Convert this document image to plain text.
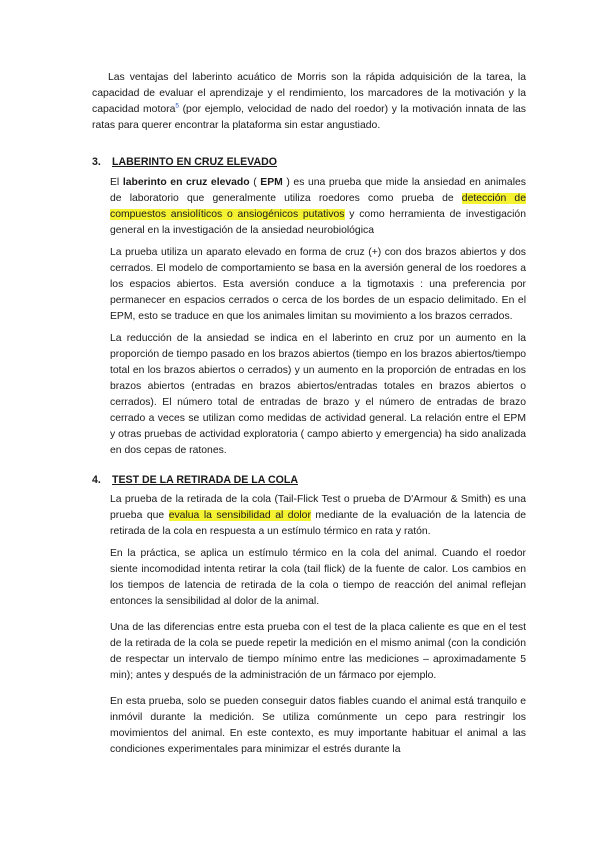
Las ventajas del laberinto acuático de Morris son la rápida adquisición de la tarea, la capacidad de evaluar el aprendizaje y el rendimiento, los marcadores de la motivación y la capacidad motora$^5$ (por ejemplo, velocidad de nado del roedor) y la motivación innata de las ratas para querer encontrar la plataforma sin estar angustiado.

3. LABERINTO EN CRUZ ELEVADO

El laberinto en cruz elevado ( EPM ) es una prueba que mide la ansiedad en animales de laboratorio que generalmente utiliza roedores como prueba de detección de compuestos ansiolíticos o ansiogénicos putativos y como herramienta de investigación general en la investigación de la ansiedad neurobiológica

La prueba utiliza un aparato elevado en forma de cruz (+) con dos brazos abiertos y dos cerrados. El modelo de comportamiento se basa en la aversión general de los roedores a los espacios abiertos. Esta aversión conduce a la tigmotaxis : una preferencia por permanecer en espacios cerrados o cerca de los bordes de un espacio delimitado. En el EPM, esto se traduce en que los animales limitan su movimiento a los brazos cerrados.

La reducción de la ansiedad se indica en el laberinto en cruz por un aumento en la proporción de tiempo pasado en los brazos abiertos (tiempo en los brazos abiertos/tiempo total en los brazos abiertos o cerrados) y un aumento en la proporción de entradas en los brazos abiertos (entradas en brazos abiertos/entradas totales en brazos abiertos o cerrados). El número total de entradas de brazo y el número de entradas de brazo cerrado a veces se utilizan como medidas de actividad general. La relación entre el EPM y otras pruebas de actividad exploratoria ( campo abierto y emergencia) ha sido analizada en dos cepas de ratones.

4. TEST DE LA RETIRADA DE LA COLA

La prueba de la retirada de la cola (Tail-Flick Test o prueba de D'Armour & Smith) es una prueba que evalua la sensibilidad al dolor mediante de la evaluación de la latencia de retirada de la cola en respuesta a un estímulo térmico en rata y ratón.

En la práctica, se aplica un estímulo térmico en la cola del animal. Cuando el roedor siente incomodidad intenta retirar la cola (tail flick) de la fuente de calor. Los cambios en los tiempos de latencia de retirada de la cola o tiempo de reacción del animal reflejan entonces la sensibilidad al dolor de la animal.

Una de las diferencias entre esta prueba con el test de la placa caliente es que en el test de la retirada de la cola se puede repetir la medición en el mismo animal (con la condición de respectar un intervalo de tiempo mínimo entre las mediciones – aproximadamente 5 min); antes y después de la administración de un fármaco por ejemplo.

En esta prueba, solo se pueden conseguir datos fiables cuando el animal está tranquilo e inmóvil durante la medición. Se utiliza comúnmente un cepo para restringir los movimientos del animal. En este contexto, es muy importante habituar el animal a las condiciones experimentales para minimizar el estrés durante la
